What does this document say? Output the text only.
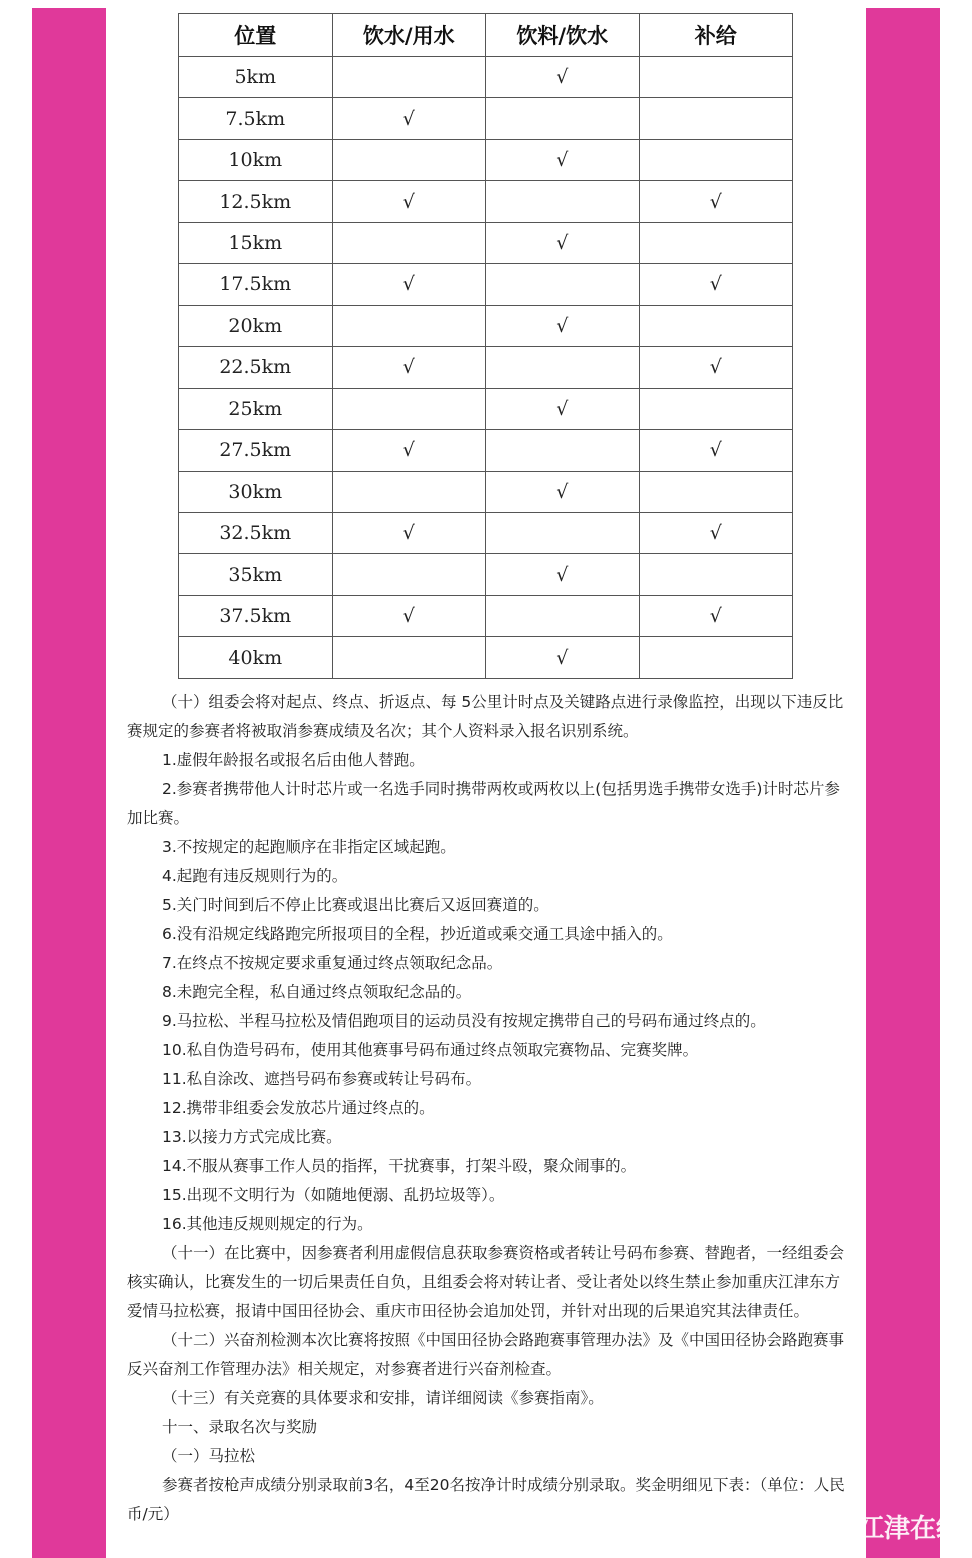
位置	饮水/用水	饮料/饮水	补给
5km		√	
7.5km	√		
10km		√	
12.5km	√		√
15km		√	
17.5km	√		√
20km		√	
22.5km	√		√
25km		√	
27.5km	√		√
30km		√	
32.5km	√		√
35km		√	
37.5km	√		√
40km		√	

（十）组委会将对起点、终点、折返点、每 5公里计时点及关键路点进行录像监控，出现以下违反比赛规定的参赛者将被取消参赛成绩及名次；其个人资料录入报名识别系统。

1.虚假年龄报名或报名后由他人替跑。

2.参赛者携带他人计时芯片或一名选手同时携带两枚或两枚以上(包括男选手携带女选手)计时芯片参加比赛。

3.不按规定的起跑顺序在非指定区域起跑。

4.起跑有违反规则行为的。

5.关门时间到后不停止比赛或退出比赛后又返回赛道的。

6.没有沿规定线路跑完所报项目的全程，抄近道或乘交通工具途中插入的。

7.在终点不按规定要求重复通过终点领取纪念品。

8.未跑完全程，私自通过终点领取纪念品的。

9.马拉松、半程马拉松及情侣跑项目的运动员没有按规定携带自己的号码布通过终点的。

10.私自伪造号码布，使用其他赛事号码布通过终点领取完赛物品、完赛奖牌。

11.私自涂改、遮挡号码布参赛或转让号码布。

12.携带非组委会发放芯片通过终点的。

13.以接力方式完成比赛。

14.不服从赛事工作人员的指挥，干扰赛事，打架斗殴，聚众闹事的。

15.出现不文明行为（如随地便溺、乱扔垃圾等）。

16.其他违反规则规定的行为。

（十一）在比赛中，因参赛者利用虚假信息获取参赛资格或者转让号码布参赛、替跑者，一经组委会核实确认，比赛发生的一切后果责任自负，且组委会将对转让者、受让者处以终生禁止参加重庆江津东方爱情马拉松赛，报请中国田径协会、重庆市田径协会追加处罚，并针对出现的后果追究其法律责任。

（十二）兴奋剂检测本次比赛将按照《中国田径协会路跑赛事管理办法》及《中国田径协会路跑赛事反兴奋剂工作管理办法》相关规定，对参赛者进行兴奋剂检查。

（十三）有关竞赛的具体要求和安排，请详细阅读《参赛指南》。

十一、录取名次与奖励

（一）马拉松

参赛者按枪声成绩分别录取前3名，4至20名按净计时成绩分别录取。奖金明细见下表：（单位：人民币/元）	江津在线
